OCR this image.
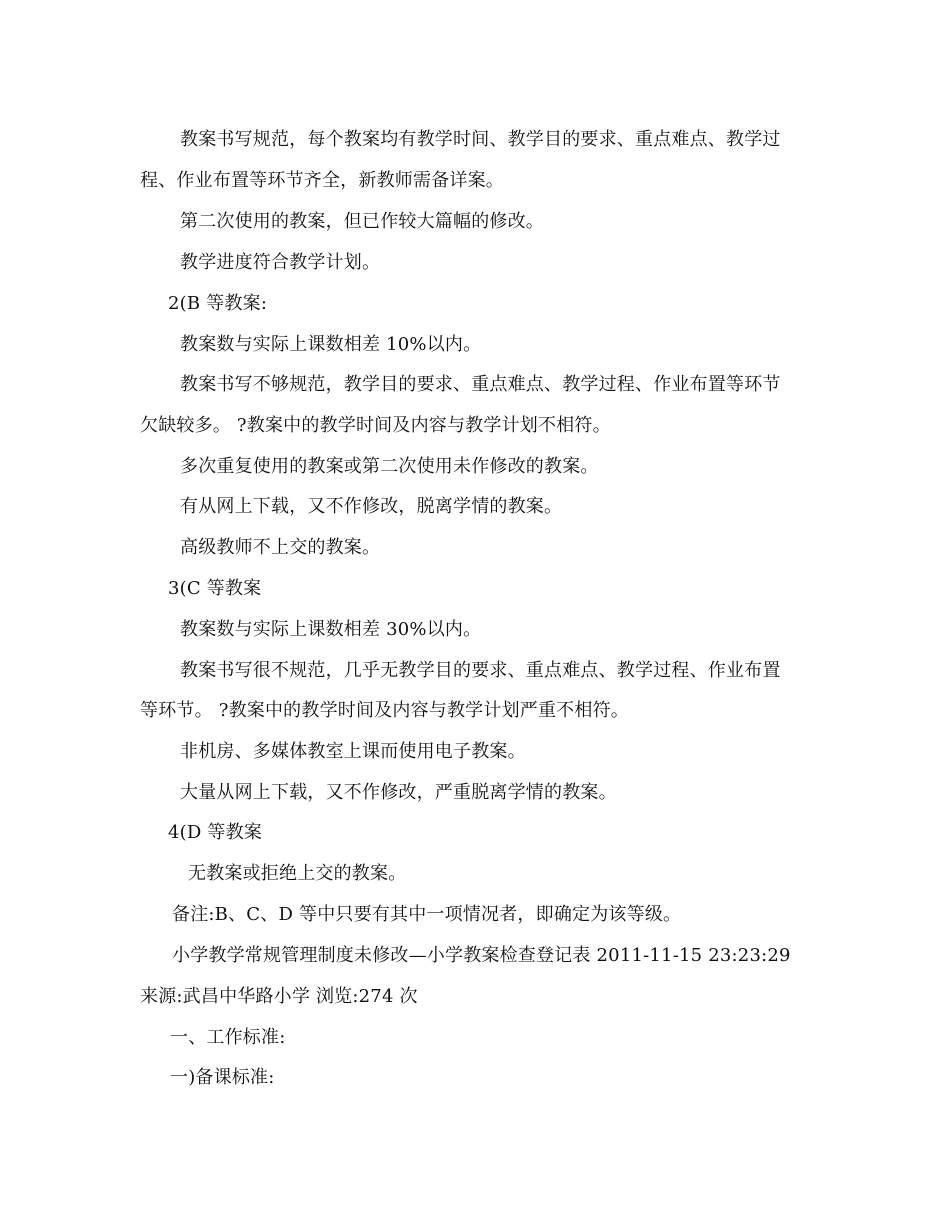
教案书写规范，每个教案均有教学时间、教学目的要求、重点难点、教学过
程、作业布置等环节齐全，新教师需备详案。
第二次使用的教案，但已作较大篇幅的修改。
教学进度符合教学计划。
2(B 等教案:
教案数与实际上课数相差 10%以内。
教案书写不够规范，教学目的要求、重点难点、教学过程、作业布置等环节
欠缺较多。 ?教案中的教学时间及内容与教学计划不相符。
多次重复使用的教案或第二次使用未作修改的教案。
有从网上下载，又不作修改，脱离学情的教案。
高级教师不上交的教案。
3(C 等教案
教案数与实际上课数相差 30%以内。
教案书写很不规范，几乎无教学目的要求、重点难点、教学过程、作业布置
等环节。 ?教案中的教学时间及内容与教学计划严重不相符。
非机房、多媒体教室上课而使用电子教案。
大量从网上下载，又不作修改，严重脱离学情的教案。
4(D 等教案
无教案或拒绝上交的教案。
备注:B、C、D 等中只要有其中一项情况者，即确定为该等级。
小学教学常规管理制度未修改—小学教案检查登记表 2011-11-15 23:23:29
来源:武昌中华路小学 浏览:274 次
一、工作标准:
一)备课标准:
